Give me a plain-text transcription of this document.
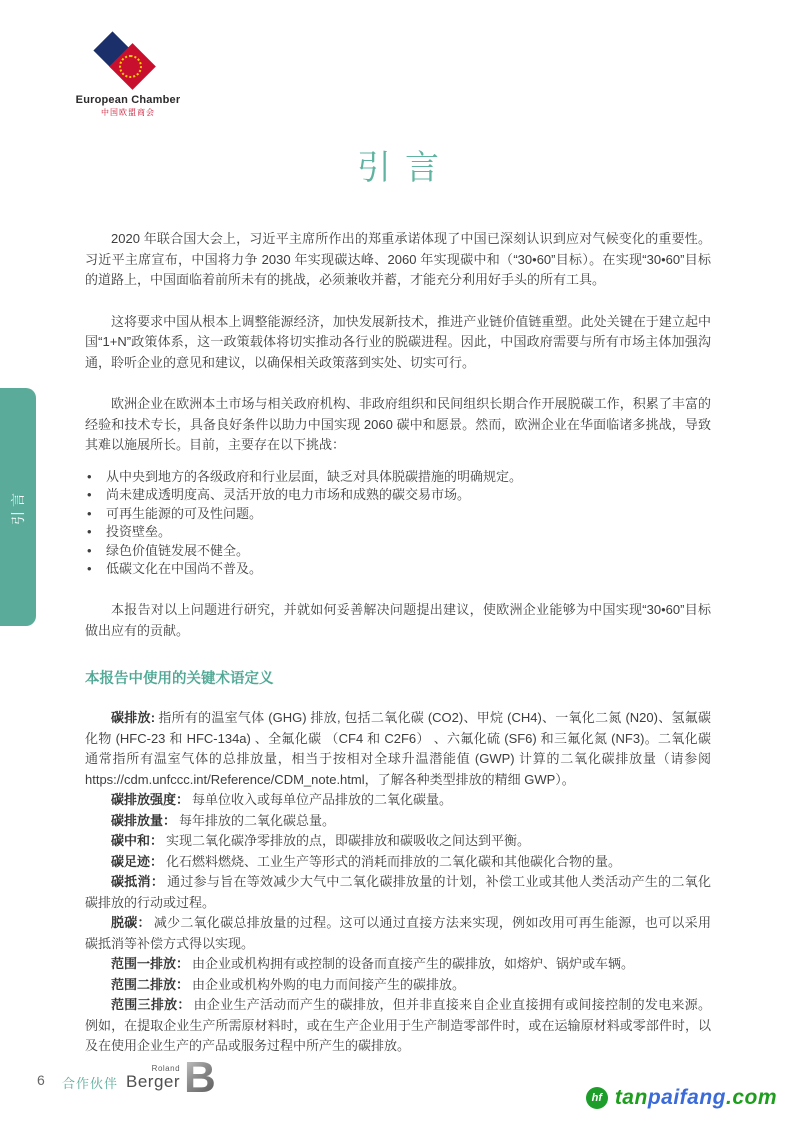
European Chamber
中国欧盟商会
引言
引言

2020 年联合国大会上，习近平主席所作出的郑重承诺体现了中国已深刻认识到应对气候变化的重要性。习近平主席宣布，中国将力争 2030 年实现碳达峰、2060 年实现碳中和（“30•60”目标）。在实现“30•60”目标的道路上，中国面临着前所未有的挑战，必须兼收并蓄，才能充分利用好手头的所有工具。

这将要求中国从根本上调整能源经济，加快发展新技术，推进产业链价值链重塑。此处关键在于建立起中国“1+N”政策体系，这一政策载体将切实推动各行业的脱碳进程。因此，中国政府需要与所有市场主体加强沟通，聆听企业的意见和建议，以确保相关政策落到实处、切实可行。

欧洲企业在欧洲本土市场与相关政府机构、非政府组织和民间组织长期合作开展脱碳工作，积累了丰富的经验和技术专长，具备良好条件以助力中国实现 2060 碳中和愿景。然而，欧洲企业在华面临诸多挑战，导致其难以施展所长。目前，主要存在以下挑战：

• 从中央到地方的各级政府和行业层面，缺乏对具体脱碳措施的明确规定。
• 尚未建成透明度高、灵活开放的电力市场和成熟的碳交易市场。
• 可再生能源的可及性问题。
• 投资壁垒。
• 绿色价值链发展不健全。
• 低碳文化在中国尚不普及。

本报告对以上问题进行研究，并就如何妥善解决问题提出建议，使欧洲企业能够为中国实现“30•60”目标做出应有的贡献。

本报告中使用的关键术语定义

碳排放: 指所有的温室气体 (GHG) 排放, 包括二氧化碳 (CO2)、甲烷 (CH4)、一氧化二氮 (N20)、氢氟碳化物 (HFC-23 和 HFC-134a) 、全氟化碳 （CF4 和 C2F6） 、六氟化硫 (SF6) 和三氟化氮 (NF3)。二氧化碳通常指所有温室气体的总排放量，相当于按相对全球升温潜能值 (GWP) 计算的二氧化碳排放量（请参阅 https://cdm.unfccc.int/Reference/CDM_note.html，了解各种类型排放的精细 GWP）。

碳排放强度： 每单位收入或每单位产品排放的二氧化碳量。

碳排放量： 每年排放的二氧化碳总量。

碳中和： 实现二氧化碳净零排放的点，即碳排放和碳吸收之间达到平衡。

碳足迹： 化石燃料燃烧、工业生产等形式的消耗而排放的二氧化碳和其他碳化合物的量。

碳抵消： 通过参与旨在等效减少大气中二氧化碳排放量的计划，补偿工业或其他人类活动产生的二氧化碳排放的行动或过程。

脱碳： 减少二氧化碳总排放量的过程。这可以通过直接方法来实现，例如改用可再生能源，也可以采用碳抵消等补偿方式得以实现。

范围一排放： 由企业或机构拥有或控制的设备而直接产生的碳排放，如熔炉、锅炉或车辆。

范围二排放： 由企业或机构外购的电力而间接产生的碳排放。

范围三排放： 由企业生产活动而产生的碳排放，但并非直接来自企业直接拥有或间接控制的发电来源。例如，在提取企业生产所需原材料时，或在生产企业用于生产制造零部件时，或在运输原材料或零部件时，以及在使用企业生产的产品或服务过程中所产生的碳排放。

6 合作伙伴
Roland
Berger B	hf tanpaifang.com
